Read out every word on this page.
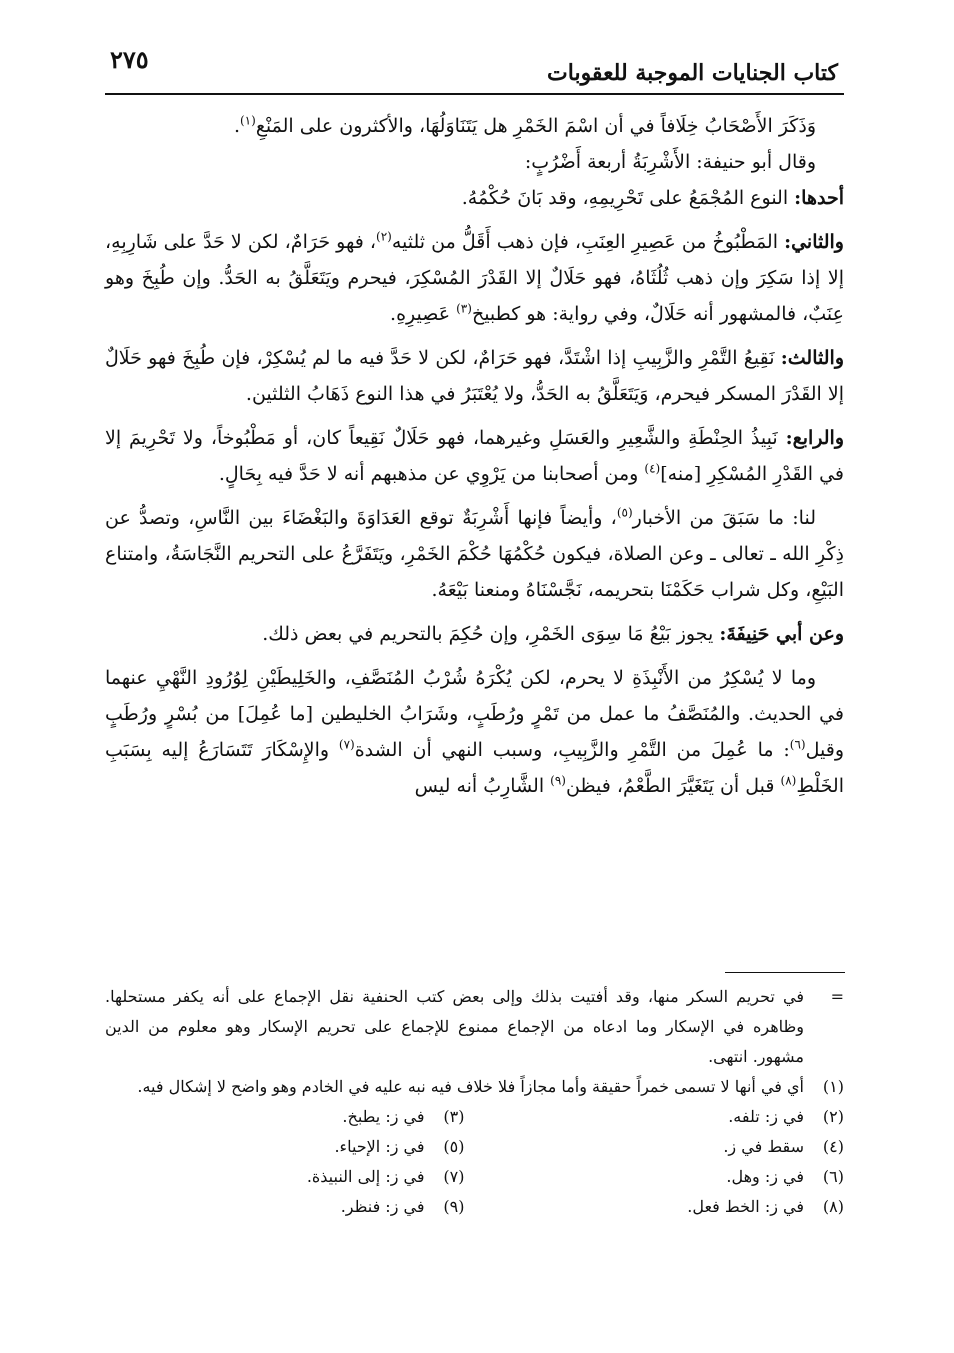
٢٧٥	كتاب الجنايات الموجبة للعقوبات

وَذَكَرَ الأَصْحَابُ خِلَافاً في أن اسْمَ الخَمْرِ هل يَتَنَاوَلُهَا، والأكثرون على المَنْعِ$^{(١)}$.

وقال أبو حنيفة: الأَشْرِبَةُ أربعة أَضْرُبٍ:

أحدها: النوع المُجْمَعُ على تَحْرِيمِهِ، وقد بَانَ حُكْمُهُ.

والثاني: المَطْبُوخُ من عَصِيرِ العِنَبِ، فإن ذهب أَقَلُّ من ثلثيه$^{(٢)}$، فهو حَرَامٌ، لكن لا حَدَّ على شَارِبِهِ، إلا إذا سَكِرَ وإن ذهب ثُلُثَاهُ، فهو حَلَالٌ إلا القَدْرَ المُسْكِرَ، فيحرم ويَتَعَلَّقُ به الحَدُّ. وإن طُبِخَ وهو عِنَبٌ، فالمشهور أنه حَلَالٌ، وفي رواية: هو كطبيخ$^{(٣)}$ عَصِيرِهِ.

والثالث: نَقِيعُ التَّمْرِ والزَّبِيبِ إذا اشْتَدَّ، فهو حَرَامٌ، لكن لا حَدَّ فيه ما لم يُسْكِرْ، فإن طُبِخَ فهو حَلَالٌ إلا القَدْرَ المسكر فيحرم، وَيَتَعَلَّقُ به الحَدُّ، ولا يُعْتَبَرُ في هذا النوع ذَهَابُ الثلثين.

والرابع: نَبِيذُ الحِنْطَةِ والشَّعِيرِ والعَسَلِ وغيرهما، فهو حَلَالٌ نَقِيعاً كان، أو مَطْبُوخاً، ولا تَحْرِيمَ إلا في القَدْرِ المُسْكِرِ [منه]$^{(٤)}$ ومن أصحابنا من يَرْوِي عن مذهبهم أنه لا حَدَّ فيه بِحَالٍ.

لنا: ما سَبَقَ من الأخبار$^{(٥)}$، وأيضاً فإنها أَشْرِبَةٌ توقع العَدَاوَةَ والبَغْضَاءَ بين النَّاسِ، وتصدُّ عن ذِكْرِ الله ـ تعالى ـ وعن الصلاة، فيكون حُكْمُهَا حُكْمَ الخَمْرِ، ويَتَفَرَّعُ على التحريم النَّجَاسَةُ، وامتناع البَيْعِ، وكل شراب حَكَمْنَا بتحريمه، نَجَّسْنَاهُ ومنعنا بَيْعَهُ.

وعن أبي حَنِيفَةَ: يجوز بَيْعُ مَا سِوَى الخَمْرِ، وإن حُكِمَ بالتحريم في بعض ذلك.

وما لا يُسْكِرُ من الأَنْبِذَةِ لا يحرم، لكن يُكْرَهُ شُرْبُ المُنَصَّفِ، والخَلِيطَيْنِ لِوُرُودِ النَّهْيِ عنهما في الحديث. والمُنَصَّفُ ما عمل من تَمْرٍ ورُطَبٍ، وشَرَابُ الخليطين [ما عُمِلَ] من بُسْرٍ ورُطَبٍ وقيل$^{(٦)}$: ما عُمِلَ من التَّمْرِ والزَّبِيبِ، وسبب النهي أن الشدة$^{(٧)}$ والإِسْكَارَ تَتَسَارَعُ إليه بِسَبَبِ الخَلْطِ$^{(٨)}$ قبل أن يَتَغَيَّرَ الطَّعْمُ، فيظن$^{(٩)}$ الشَّارِبُ أنه ليس

=
في تحريم السكر منها، وقد أفتيت بذلك وإلى بعض كتب الحنفية نقل الإجماع على أنه يكفر مستحلها. وظاهره في الإسكار وما ادعاه من الإجماع ممنوع للإجماع على تحريم الإسكار وهو معلوم من الدين مشهور. انتهى.
(١)
أي في أنها لا تسمى خمراً حقيقة وأما مجازاً فلا خلاف فيه نبه عليه في الخادم وهو واضح لا إشكال فيه.
(٢)
في ز: تلفه.
(٣)
في ز: يطبخ.
(٤)
سقط في ز.
(٥)
في ز: الإحياء.
(٦)
في ز: وهل.
(٧)
في ز: إلى النبيذة.
(٨)
في ز: الخط فعل.
(٩)
في ز: فنظر.
